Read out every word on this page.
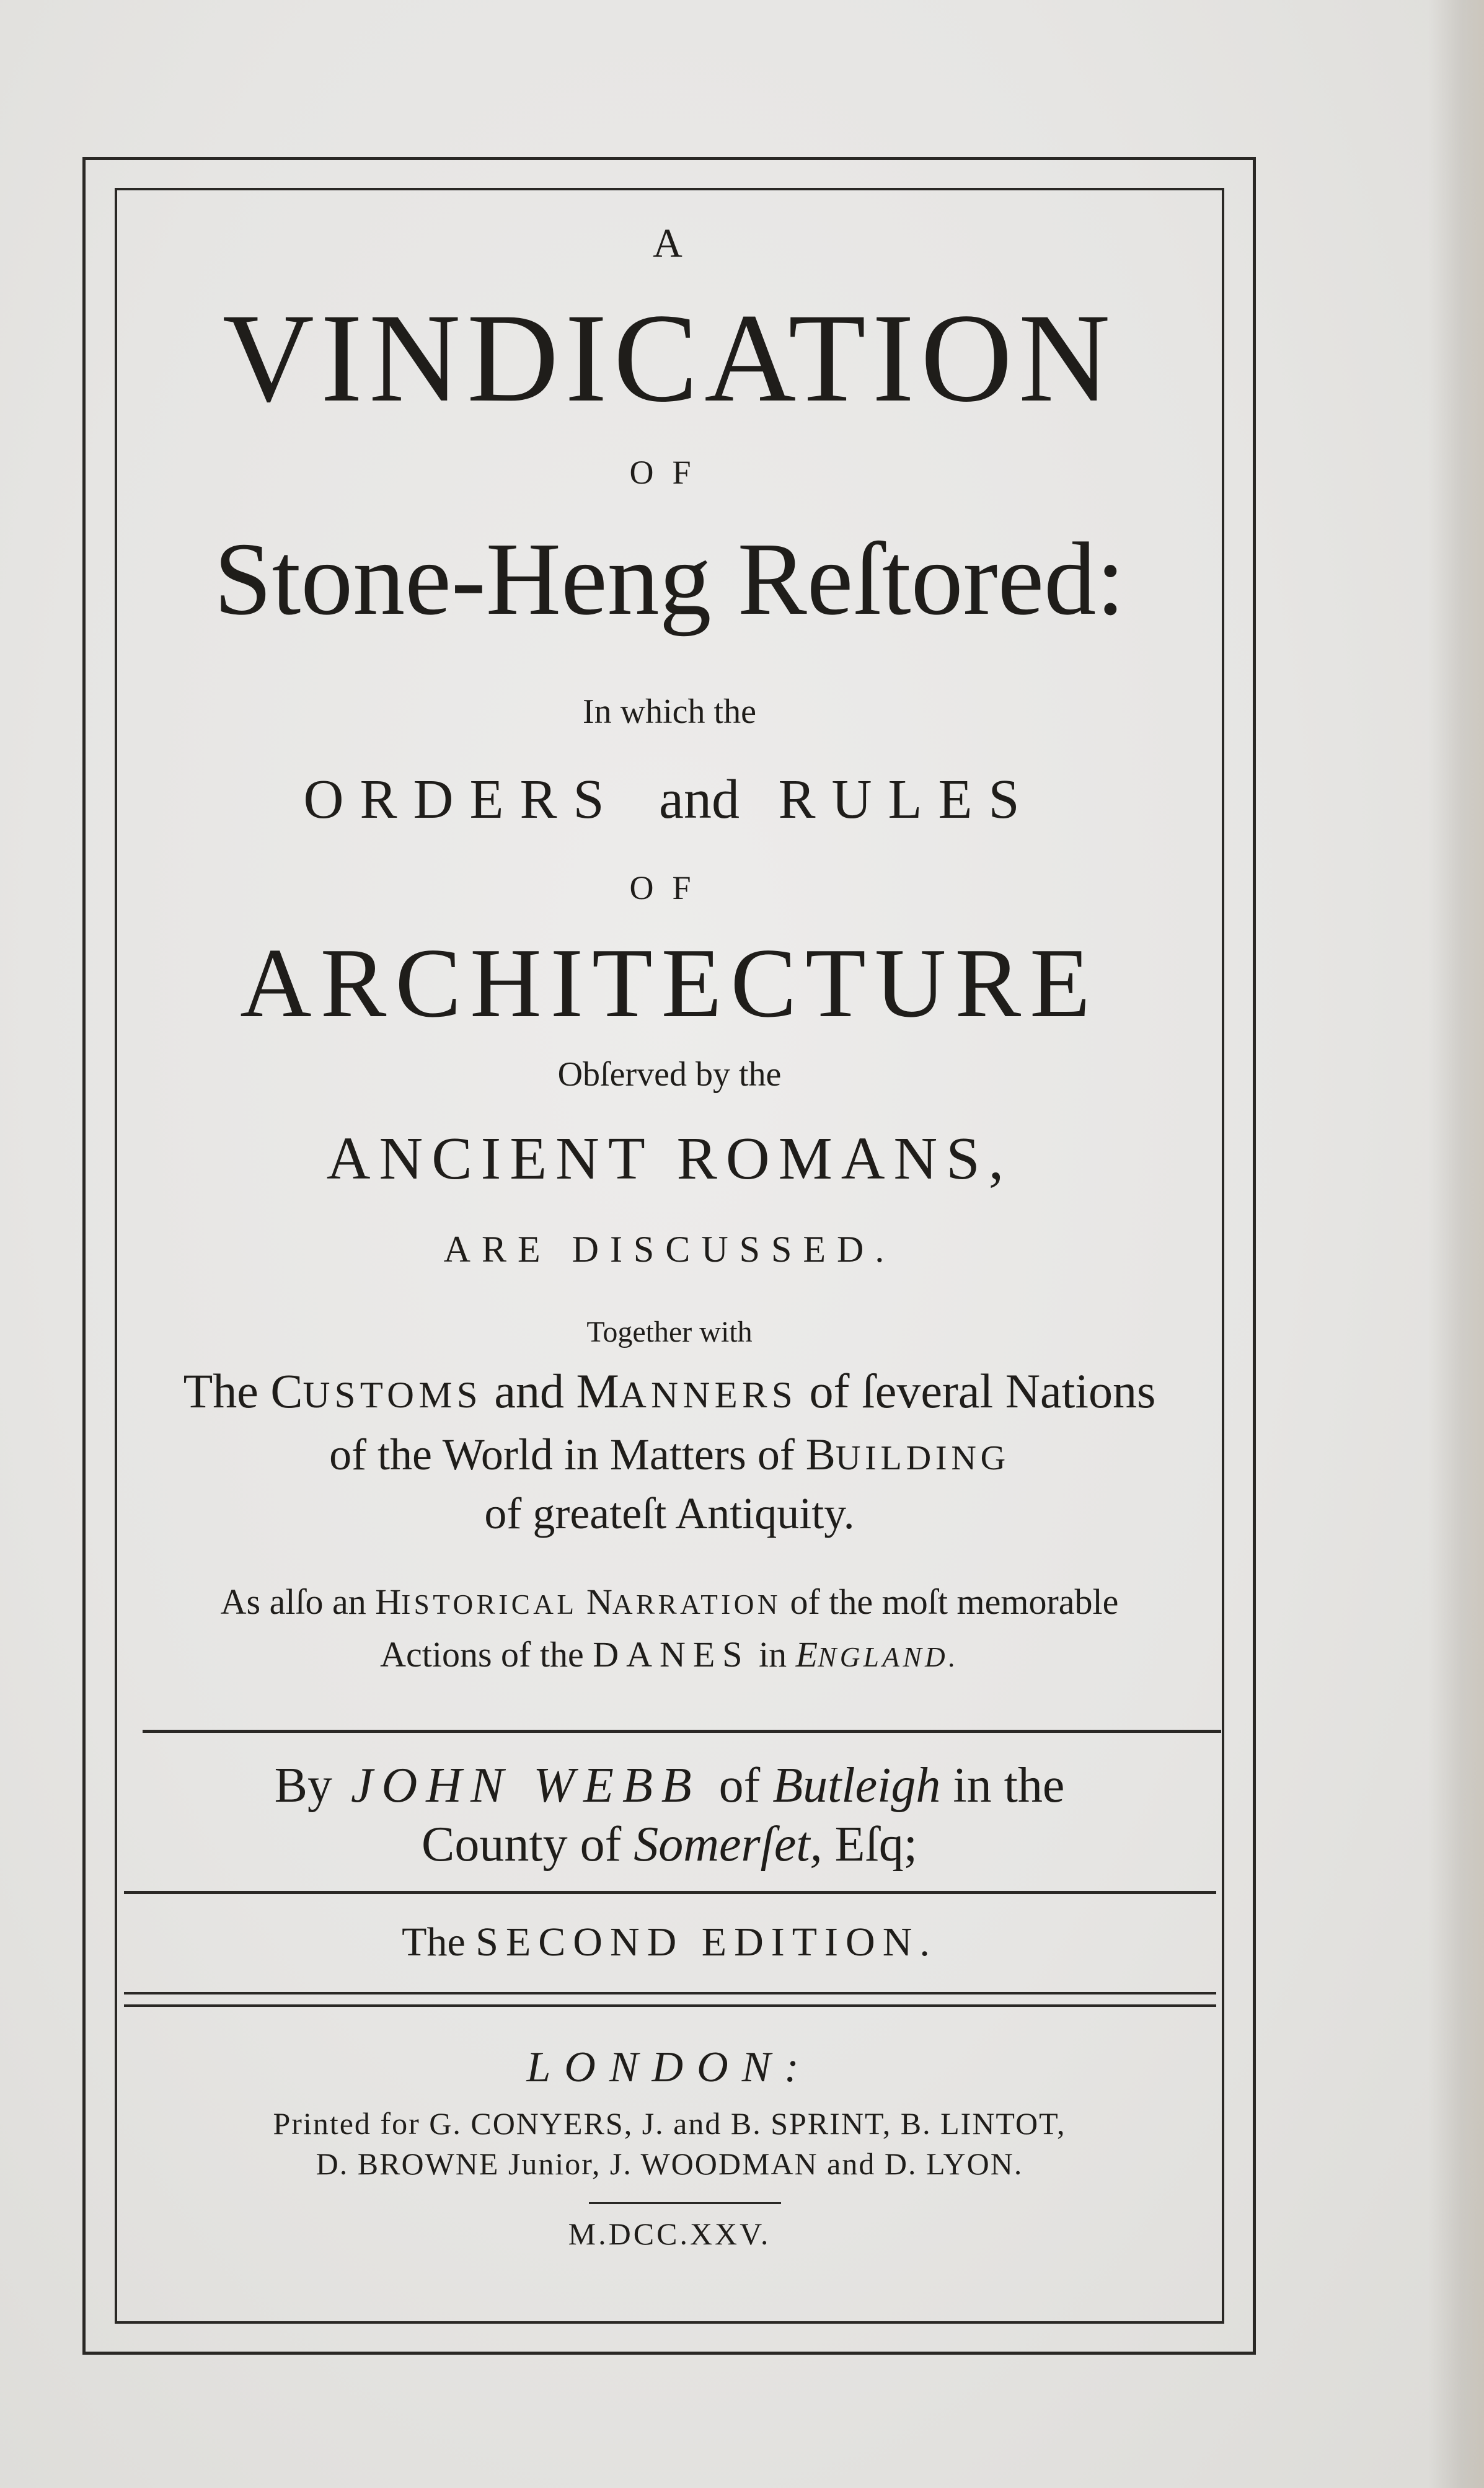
A
VINDICATION
OF
Stone-Heng Reſtored:
In which the
ORDERS and RULES
OF
ARCHITECTURE
Obſerved by the
ANCIENT ROMANS,
ARE DISCUSSED.
Together with
The CUSTOMS and MANNERS of ſeveral Nations
of the World in Matters of BUILDING
of greateſt Antiquity.
As alſo an HISTORICAL NARRATION of the moſt memorable
Actions of the DANES in ENGLAND.
By JOHN WEBB of Butleigh in the
County of Somerſet, Eſq;
The SECOND EDITION.
LONDON:
Printed for G. CONYERS, J. and B. SPRINT, B. LINTOT,
D. BROWNE Junior, J. WOODMAN and D. LYON.
M.DCC.XXV.
